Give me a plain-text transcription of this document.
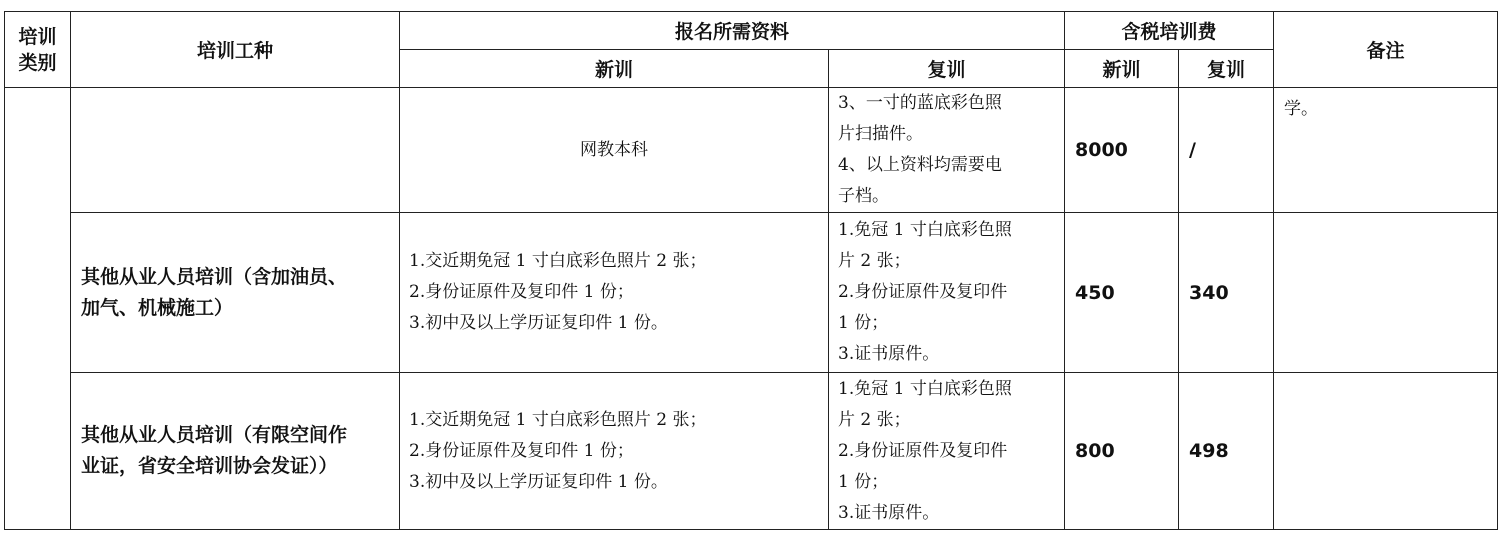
培训
类别	培训工种	报名所需资料		含税培训费		备注
		新训	复训	新训	复训	

		网教本科	3、一寸的蓝底彩色照
片扫描件。
4、以上资料均需要电
子档。	8000	/	学。

	其他从业人员培训（含加油员、
加气、机械施工）	1.交近期免冠 1 寸白底彩色照片 2 张；
2.身份证原件及复印件 1 份；
3.初中及以上学历证复印件 1 份。	1.免冠 1 寸白底彩色照
片 2 张；
2.身份证原件及复印件
1 份；
3.证书原件。	450	340	

	其他从业人员培训（有限空间作
业证，省安全培训协会发证））	1.交近期免冠 1 寸白底彩色照片 2 张；
2.身份证原件及复印件 1 份；
3.初中及以上学历证复印件 1 份。	1.免冠 1 寸白底彩色照
片 2 张；
2.身份证原件及复印件
1 份；
3.证书原件。	800	498	
